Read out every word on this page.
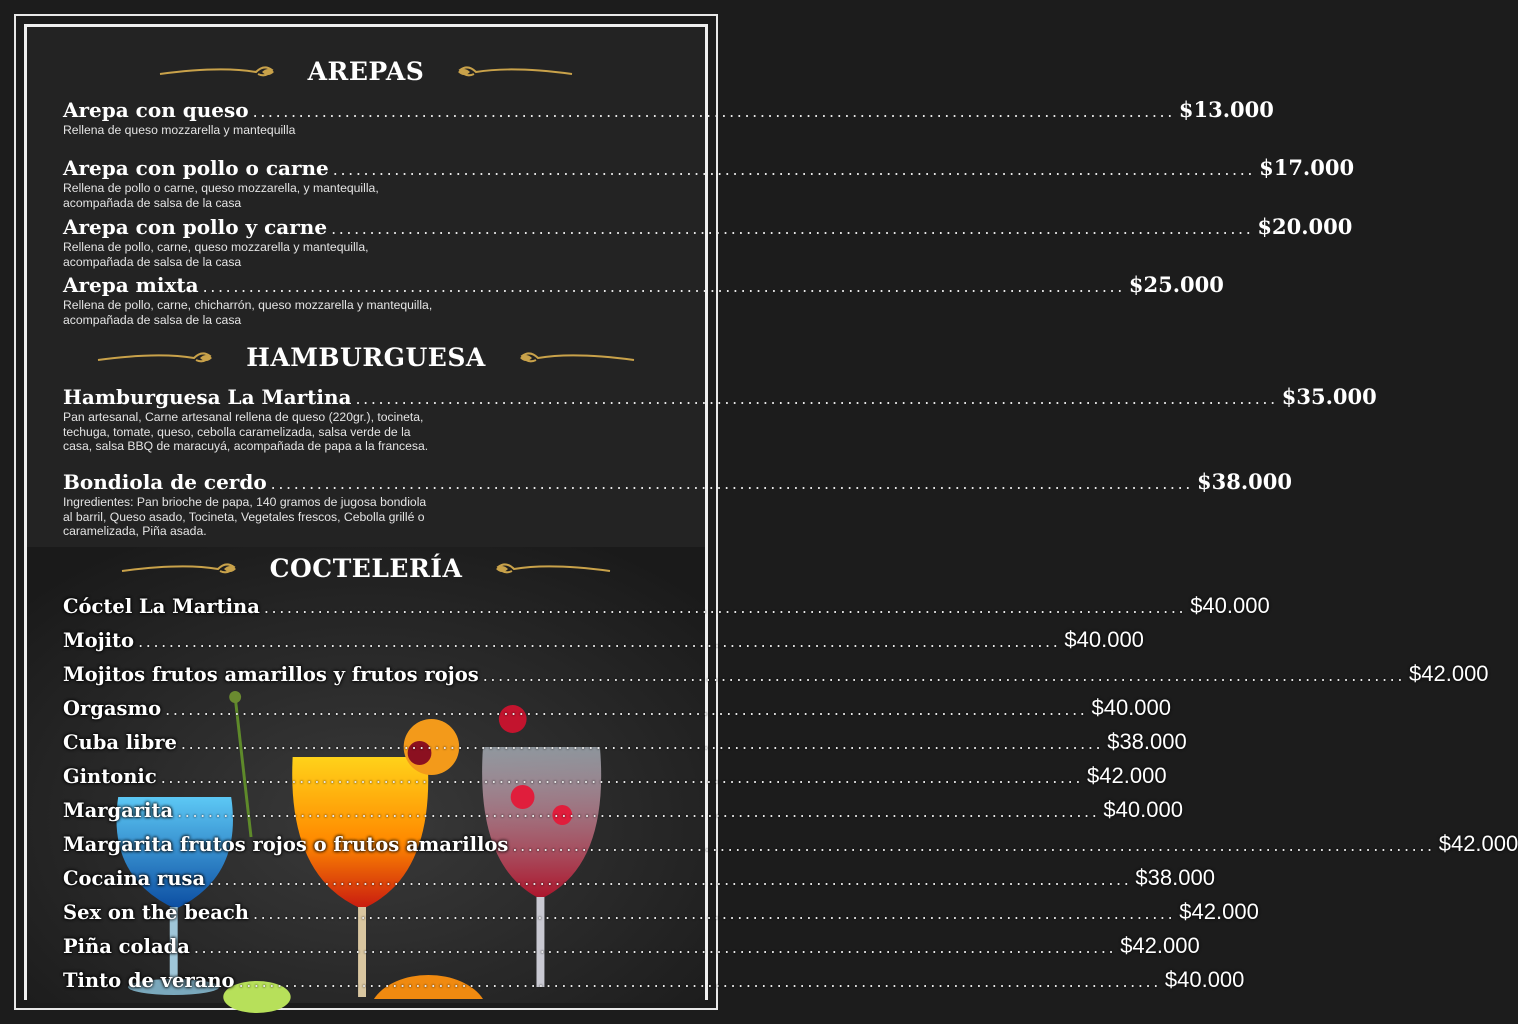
AREPAS
Arepa con queso ........................................................................................................................ $13.000
Rellena de queso mozzarella y mantequilla
Arepa con pollo o carne ........................................................................................................................ $17.000
Rellena de pollo o carne, queso mozzarella, y mantequilla,
acompañada de salsa de la casa
Arepa con pollo y carne ........................................................................................................................ $20.000
Rellena de pollo, carne, queso mozzarella y mantequilla,
acompañada de salsa de la casa
Arepa mixta ........................................................................................................................ $25.000
Rellena de pollo, carne, chicharrón, queso mozzarella y mantequilla,
acompañada de salsa de la casa
HAMBURGUESA
Hamburguesa La Martina ........................................................................................................................ $35.000
Pan artesanal, Carne artesanal rellena de queso (220gr.), tocineta,
techuga, tomate, queso, cebolla caramelizada, salsa verde de la
casa, salsa BBQ de maracuyá, acompañada de papa a la francesa.
Bondiola de cerdo ........................................................................................................................ $38.000
Ingredientes: Pan brioche de papa, 140 gramos de jugosa bondiola
al barril, Queso asado, Tocineta, Vegetales frescos, Cebolla grillé o
caramelizada, Piña asada.
COCTELERÍA
Cóctel La Martina ........................................................................................................................ $40.000
Mojito ........................................................................................................................ $40.000
Mojitos frutos amarillos y frutos rojos ........................................................................................................................ $42.000
Orgasmo ........................................................................................................................ $40.000
Cuba libre ........................................................................................................................ $38.000
Gintonic ........................................................................................................................ $42.000
Margarita ........................................................................................................................ $40.000
Margarita frutos rojos o frutos amarillos ........................................................................................................................ $42.000
Cocaina rusa ........................................................................................................................ $38.000
Sex on the beach ........................................................................................................................ $42.000
Piña colada ........................................................................................................................ $42.000
Tinto de verano ........................................................................................................................ $40.000
